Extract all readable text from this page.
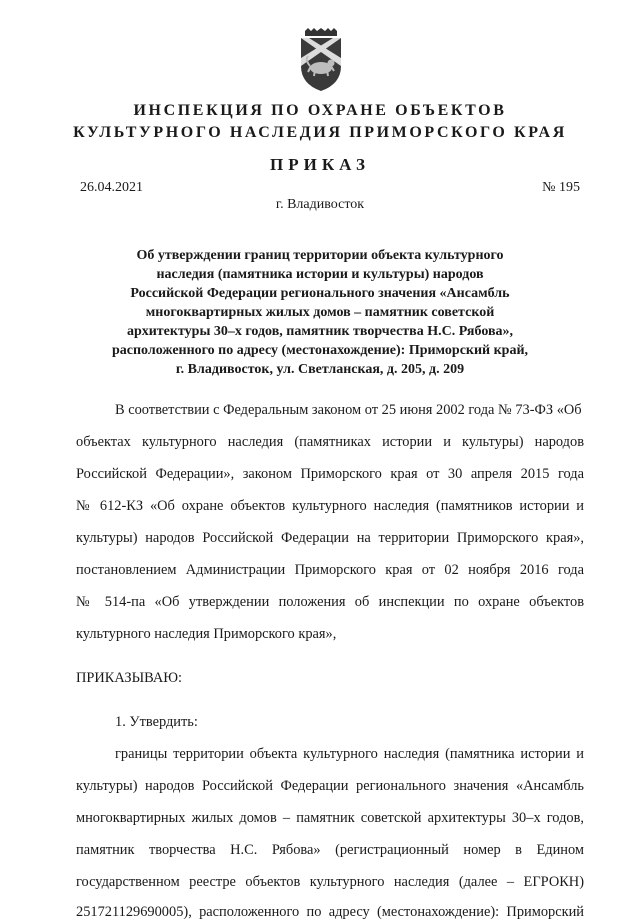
ИНСПЕКЦИЯ ПО ОХРАНЕ ОБЪЕКТОВ
КУЛЬТУРНОГО НАСЛЕДИЯ ПРИМОРСКОГО КРАЯ
ПРИКАЗ
26.04.2021	№ 195
г. Владивосток
Об утверждении границ территории объекта культурного
наследия (памятника истории и культуры) народов
Российской Федерации регионального значения «Ансамбль
многоквартирных жилых домов – памятник советской
архитектуры 30–х годов, памятник творчества Н.С. Рябова»,
расположенного по адресу (местонахождение): Приморский край,
г. Владивосток, ул. Светланская, д. 205, д. 209
В соответствии с Федеральным законом от 25 июня 2002 года № 73-ФЗ «Об
объектах культурного наследия (памятниках истории и культуры) народов
Российской Федерации», законом Приморского края от 30 апреля 2015 года
№ 612-КЗ «Об охране объектов культурного наследия (памятников истории и
культуры) народов Российской Федерации на территории Приморского края»,
постановлением Администрации Приморского края от 02 ноября 2016 года
№ 514-па «Об утверждении положения об инспекции по охране объектов
культурного наследия Приморского края»,
ПРИКАЗЫВАЮ:
1. Утвердить:
границы территории объекта культурного наследия (памятника истории и
культуры) народов Российской Федерации регионального значения «Ансамбль
многоквартирных жилых домов – памятник советской архитектуры 30–х годов,
памятник творчества Н.С. Рябова» (регистрационный номер в Едином
государственном реестре объектов культурного наследия (далее – ЕГРОКН)
251721129690005), расположенного по адресу (местонахождение): Приморский
